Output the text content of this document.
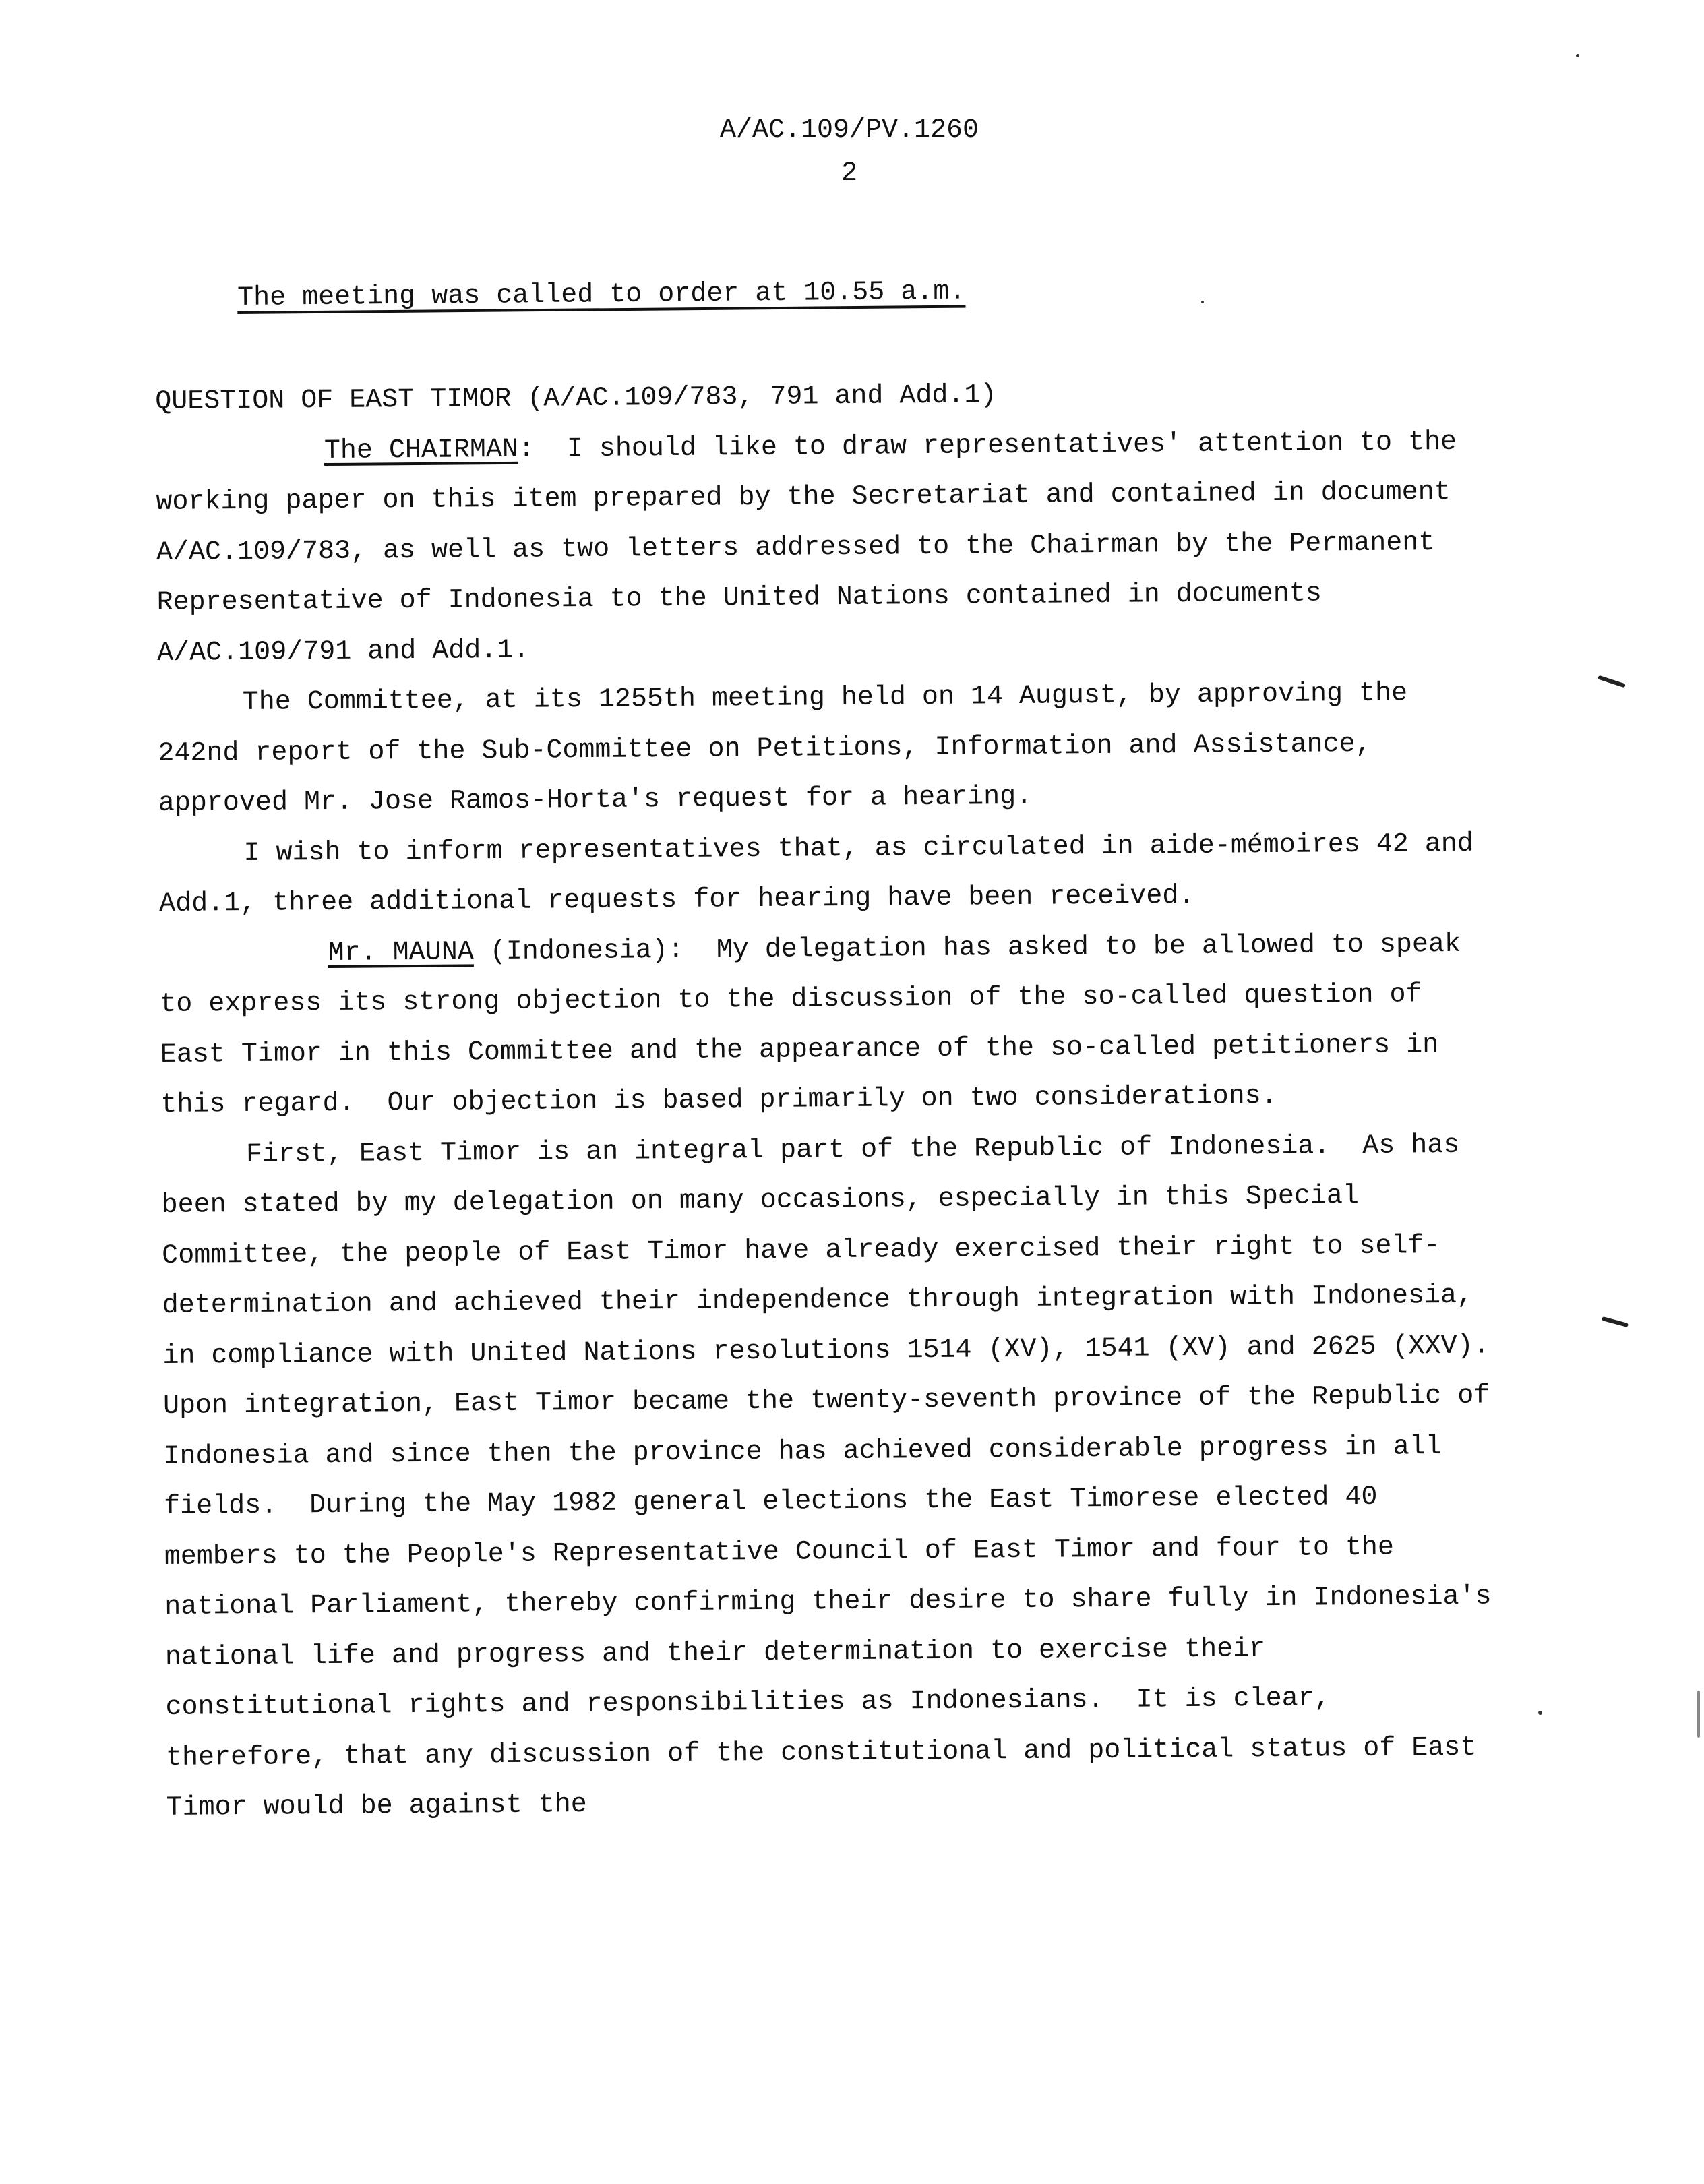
A/AC.109/PV.1260
2
The meeting was called to order at 10.55 a.m.

QUESTION OF EAST TIMOR (A/AC.109/783, 791 and Add.1)

The CHAIRMAN:  I should like to draw representatives' attention to the working paper on this item prepared by the Secretariat and contained in document A/AC.109/783, as well as two letters addressed to the Chairman by the Permanent Representative of Indonesia to the United Nations contained in documents A/AC.109/791 and Add.1.

The Committee, at its 1255th meeting held on 14 August, by approving the 242nd report of the Sub-Committee on Petitions, Information and Assistance, approved Mr. Jose Ramos-Horta's request for a hearing.

I wish to inform representatives that, as circulated in aide-mémoires 42 and Add.1, three additional requests for hearing have been received.

Mr. MAUNA (Indonesia):  My delegation has asked to be allowed to speak to express its strong objection to the discussion of the so-called question of East Timor in this Committee and the appearance of the so-called petitioners in this regard.  Our objection is based primarily on two considerations.

First, East Timor is an integral part of the Republic of Indonesia.  As has been stated by my delegation on many occasions, especially in this Special Committee, the people of East Timor have already exercised their right to self-determination and achieved their independence through integration with Indonesia, in compliance with United Nations resolutions 1514 (XV), 1541 (XV) and 2625 (XXV).  Upon integration, East Timor became the twenty-seventh province of the Republic of Indonesia and since then the province has achieved considerable progress in all fields.  During the May 1982 general elections the East Timorese elected 40 members to the People's Representative Council of East Timor and four to the national Parliament, thereby confirming their desire to share fully in Indonesia's national life and progress and their determination to exercise their constitutional rights and responsibilities as Indonesians.  It is clear, therefore, that any discussion of the constitutional and political status of East Timor would be against the
